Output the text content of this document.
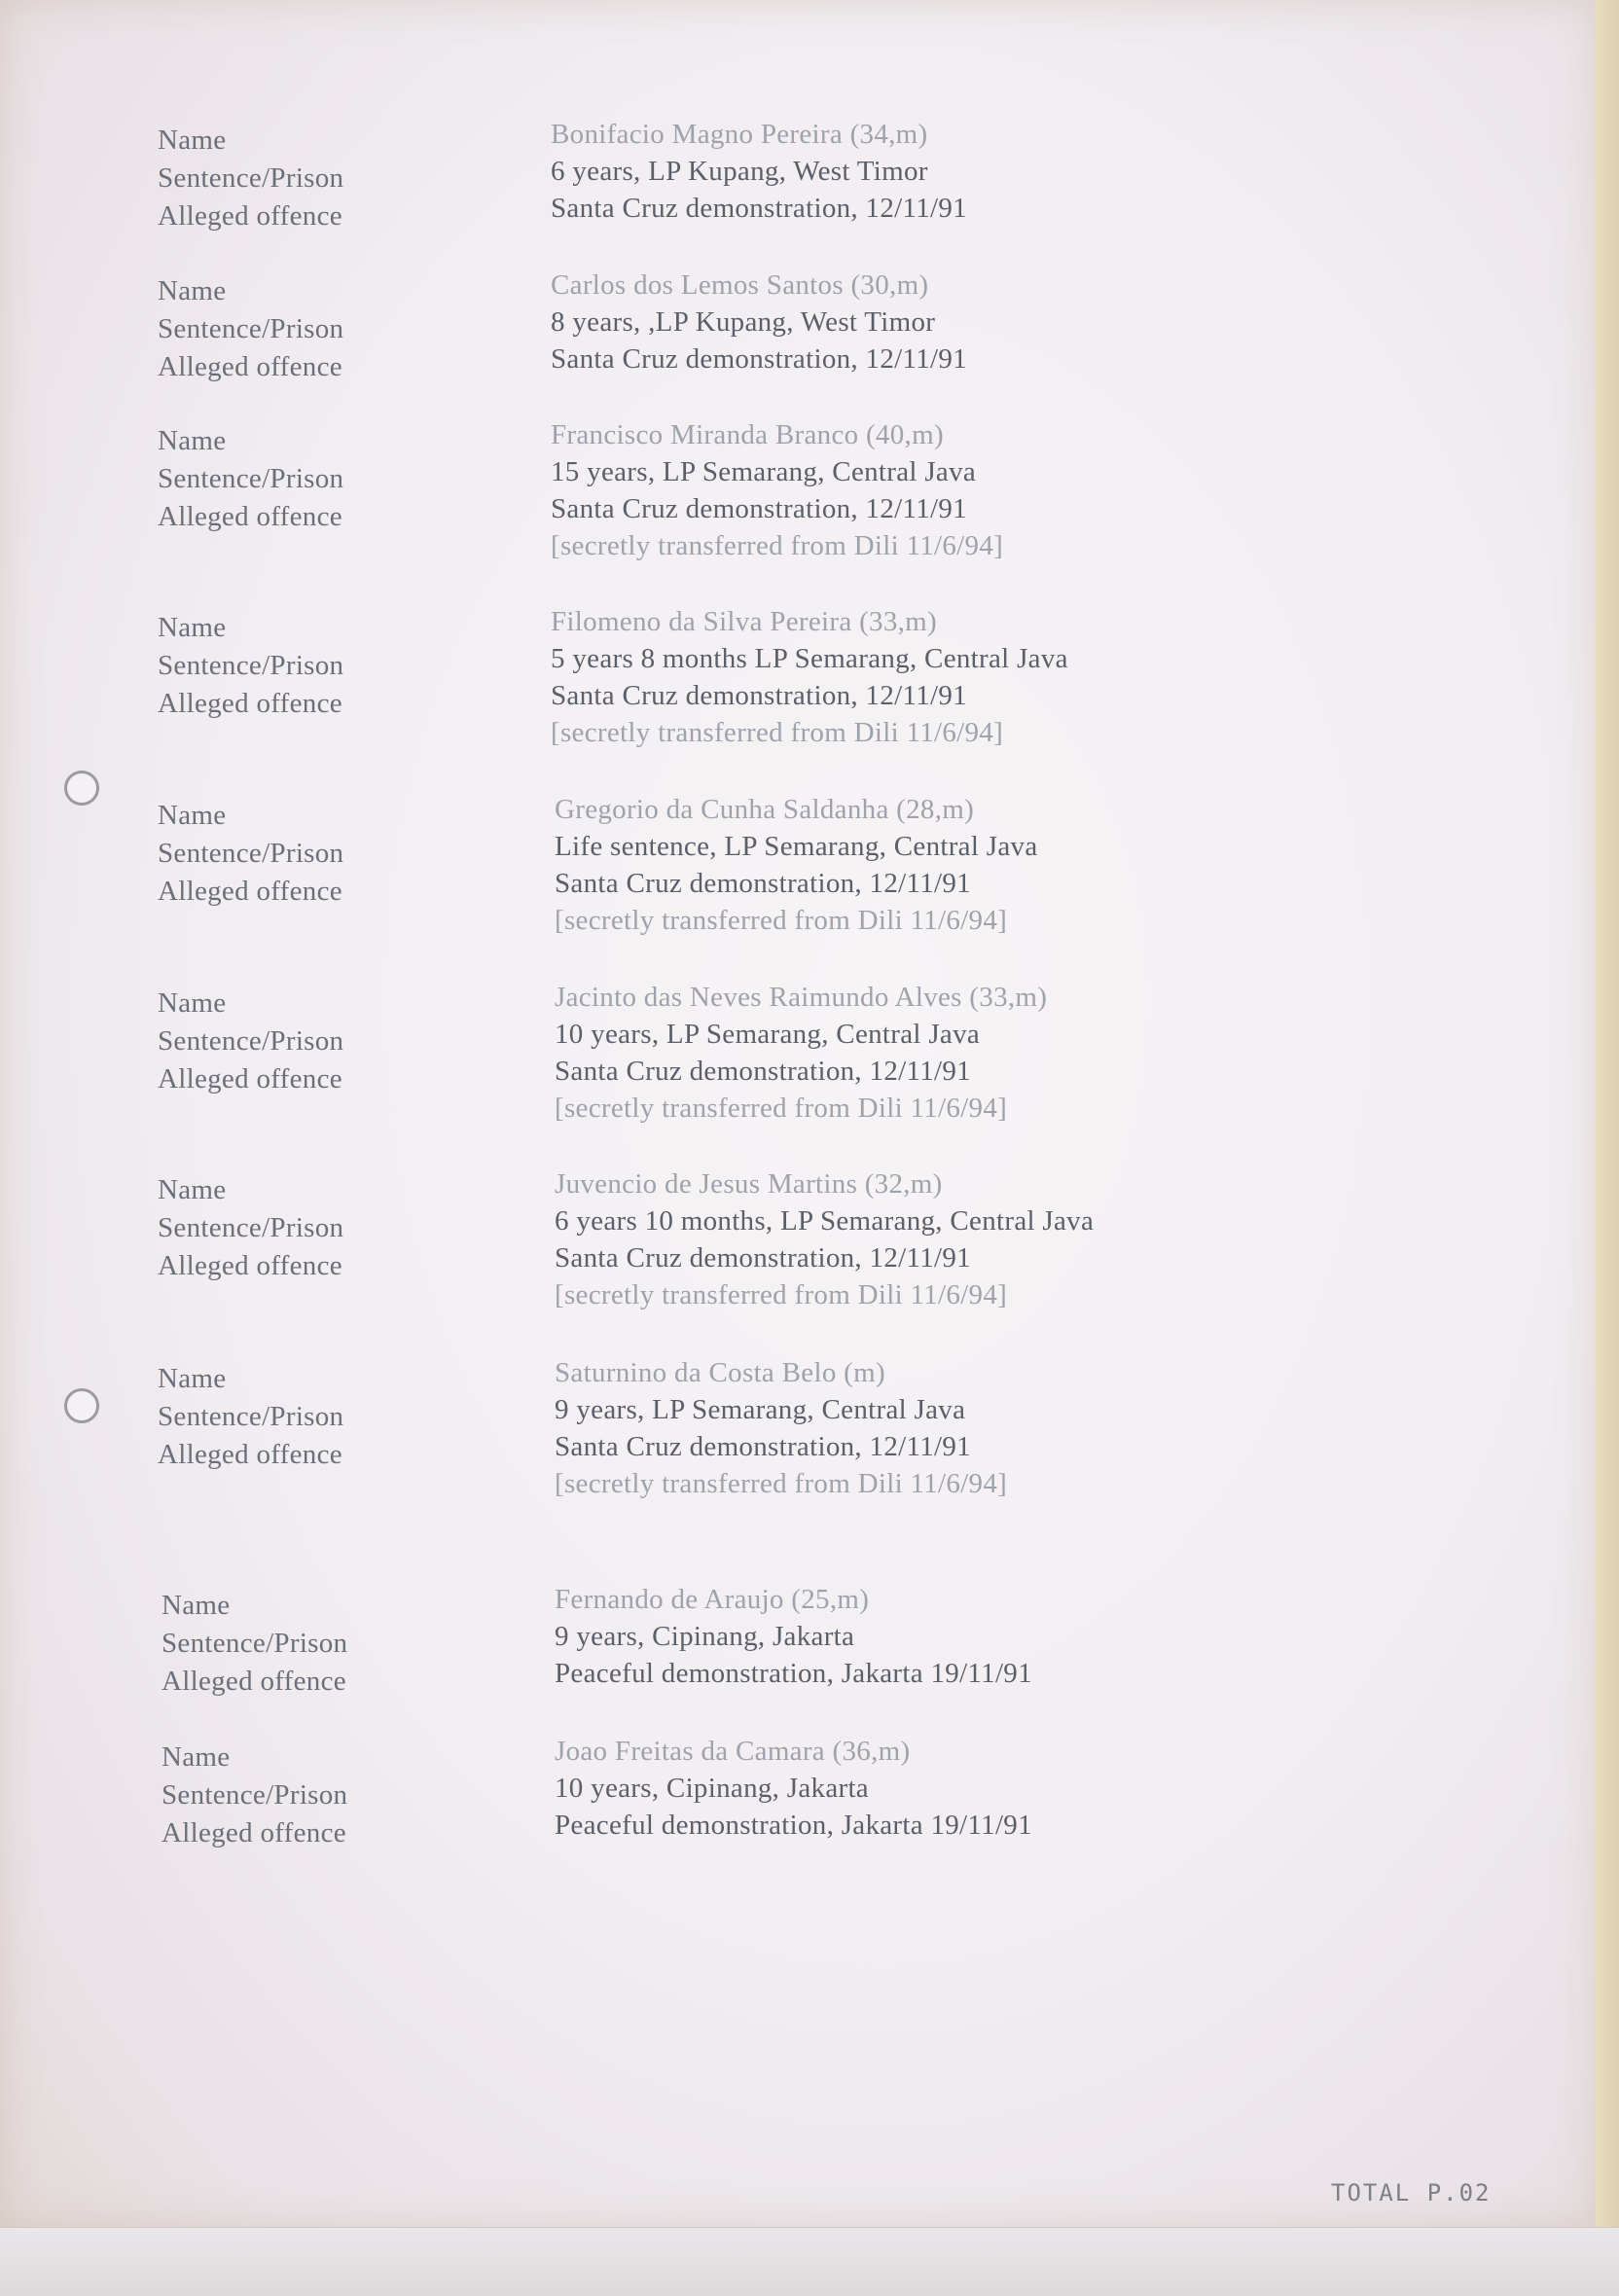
Name	Bonifacio Magno Pereira (34,m)
Sentence/Prison	6 years, LP Kupang, West Timor
Alleged offence	Santa Cruz demonstration, 12/11/91
Name	Carlos dos Lemos Santos (30,m)
Sentence/Prison	8 years, ,LP Kupang, West Timor
Alleged offence	Santa Cruz demonstration, 12/11/91
Name	Francisco Miranda Branco (40,m)
Sentence/Prison	15 years, LP Semarang, Central Java
Alleged offence	Santa Cruz demonstration, 12/11/91
[secretly transferred from Dili 11/6/94]
Name	Filomeno da Silva Pereira (33,m)
Sentence/Prison	5 years 8 months LP Semarang, Central Java
Alleged offence	Santa Cruz demonstration, 12/11/91
[secretly transferred from Dili 11/6/94]
Name	Gregorio da Cunha Saldanha (28,m)
Sentence/Prison	Life sentence, LP Semarang, Central Java
Alleged offence	Santa Cruz demonstration, 12/11/91
[secretly transferred from Dili 11/6/94]
Name	Jacinto das Neves Raimundo Alves (33,m)
Sentence/Prison	10 years, LP Semarang, Central Java
Alleged offence	Santa Cruz demonstration, 12/11/91
[secretly transferred from Dili 11/6/94]
Name	Juvencio de Jesus Martins (32,m)
Sentence/Prison	6 years 10 months, LP Semarang, Central Java
Alleged offence	Santa Cruz demonstration, 12/11/91
[secretly transferred from Dili 11/6/94]
Name	Saturnino da Costa Belo (m)
Sentence/Prison	9 years, LP Semarang, Central Java
Alleged offence	Santa Cruz demonstration, 12/11/91
[secretly transferred from Dili 11/6/94]
Name	Fernando de Araujo (25,m)
Sentence/Prison	9 years, Cipinang, Jakarta
Alleged offence	Peaceful demonstration, Jakarta 19/11/91
Name	Joao Freitas da Camara (36,m)
Sentence/Prison	10 years, Cipinang, Jakarta
Alleged offence	Peaceful demonstration, Jakarta 19/11/91
TOTAL P.02
